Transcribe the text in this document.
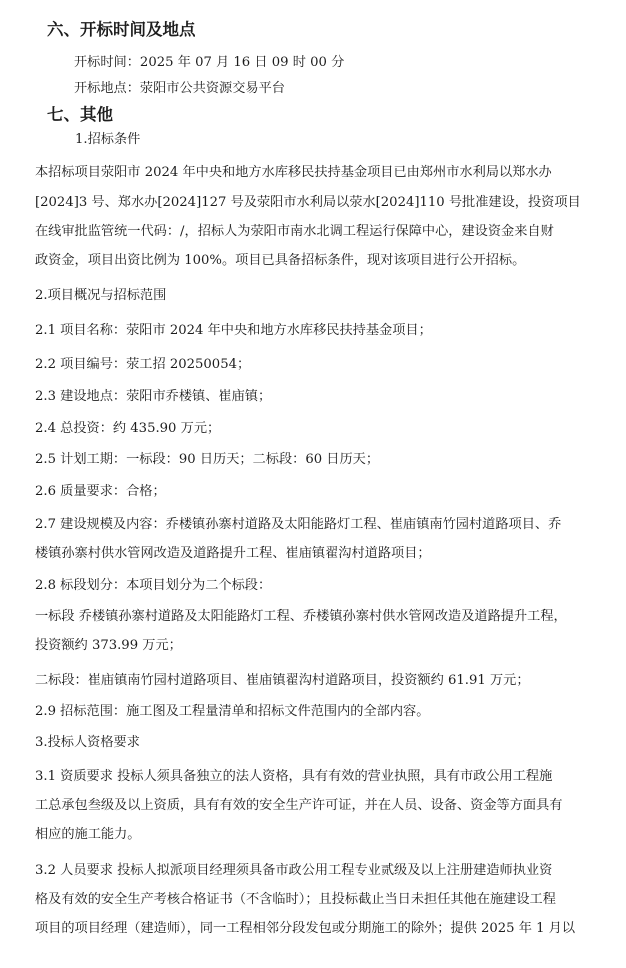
六、开标时间及地点
开标时间：2025 年 07 月 16 日 09 时 00 分
开标地点：荥阳市公共资源交易平台
七、其他
1.招标条件
本招标项目荥阳市 2024 年中央和地方水库移民扶持基金项目已由郑州市水利局以郑水办
[2024]3 号、郑水办[2024]127 号及荥阳市水利局以荥水[2024]110 号批准建设，投资项目
在线审批监管统一代码：/，招标人为荥阳市南水北调工程运行保障中心，建设资金来自财
政资金，项目出资比例为 100%。项目已具备招标条件，现对该项目进行公开招标。
2.项目概况与招标范围
2.1 项目名称：荥阳市 2024 年中央和地方水库移民扶持基金项目；
2.2 项目编号：荥工招 20250054；
2.3 建设地点：荥阳市乔楼镇、崔庙镇；
2.4 总投资：约 435.90 万元；
2.5 计划工期：一标段：90 日历天；二标段：60 日历天；
2.6 质量要求：合格；
2.7 建设规模及内容：乔楼镇孙寨村道路及太阳能路灯工程、崔庙镇南竹园村道路项目、乔
楼镇孙寨村供水管网改造及道路提升工程、崔庙镇翟沟村道路项目；
2.8 标段划分：本项目划分为二个标段：
一标段 乔楼镇孙寨村道路及太阳能路灯工程、乔楼镇孙寨村供水管网改造及道路提升工程，
投资额约 373.99 万元；
二标段：崔庙镇南竹园村道路项目、崔庙镇翟沟村道路项目，投资额约 61.91 万元；
2.9 招标范围：施工图及工程量清单和招标文件范围内的全部内容。
3.投标人资格要求
3.1 资质要求 投标人须具备独立的法人资格，具有有效的营业执照，具有市政公用工程施
工总承包叁级及以上资质，具有有效的安全生产许可证，并在人员、设备、资金等方面具有
相应的施工能力。
3.2 人员要求 投标人拟派项目经理须具备市政公用工程专业贰级及以上注册建造师执业资
格及有效的安全生产考核合格证书（不含临时）；且投标截止当日未担任其他在施建设工程
项目的项目经理（建造师），同一工程相邻分段发包或分期施工的除外；提供 2025 年 1 月以
